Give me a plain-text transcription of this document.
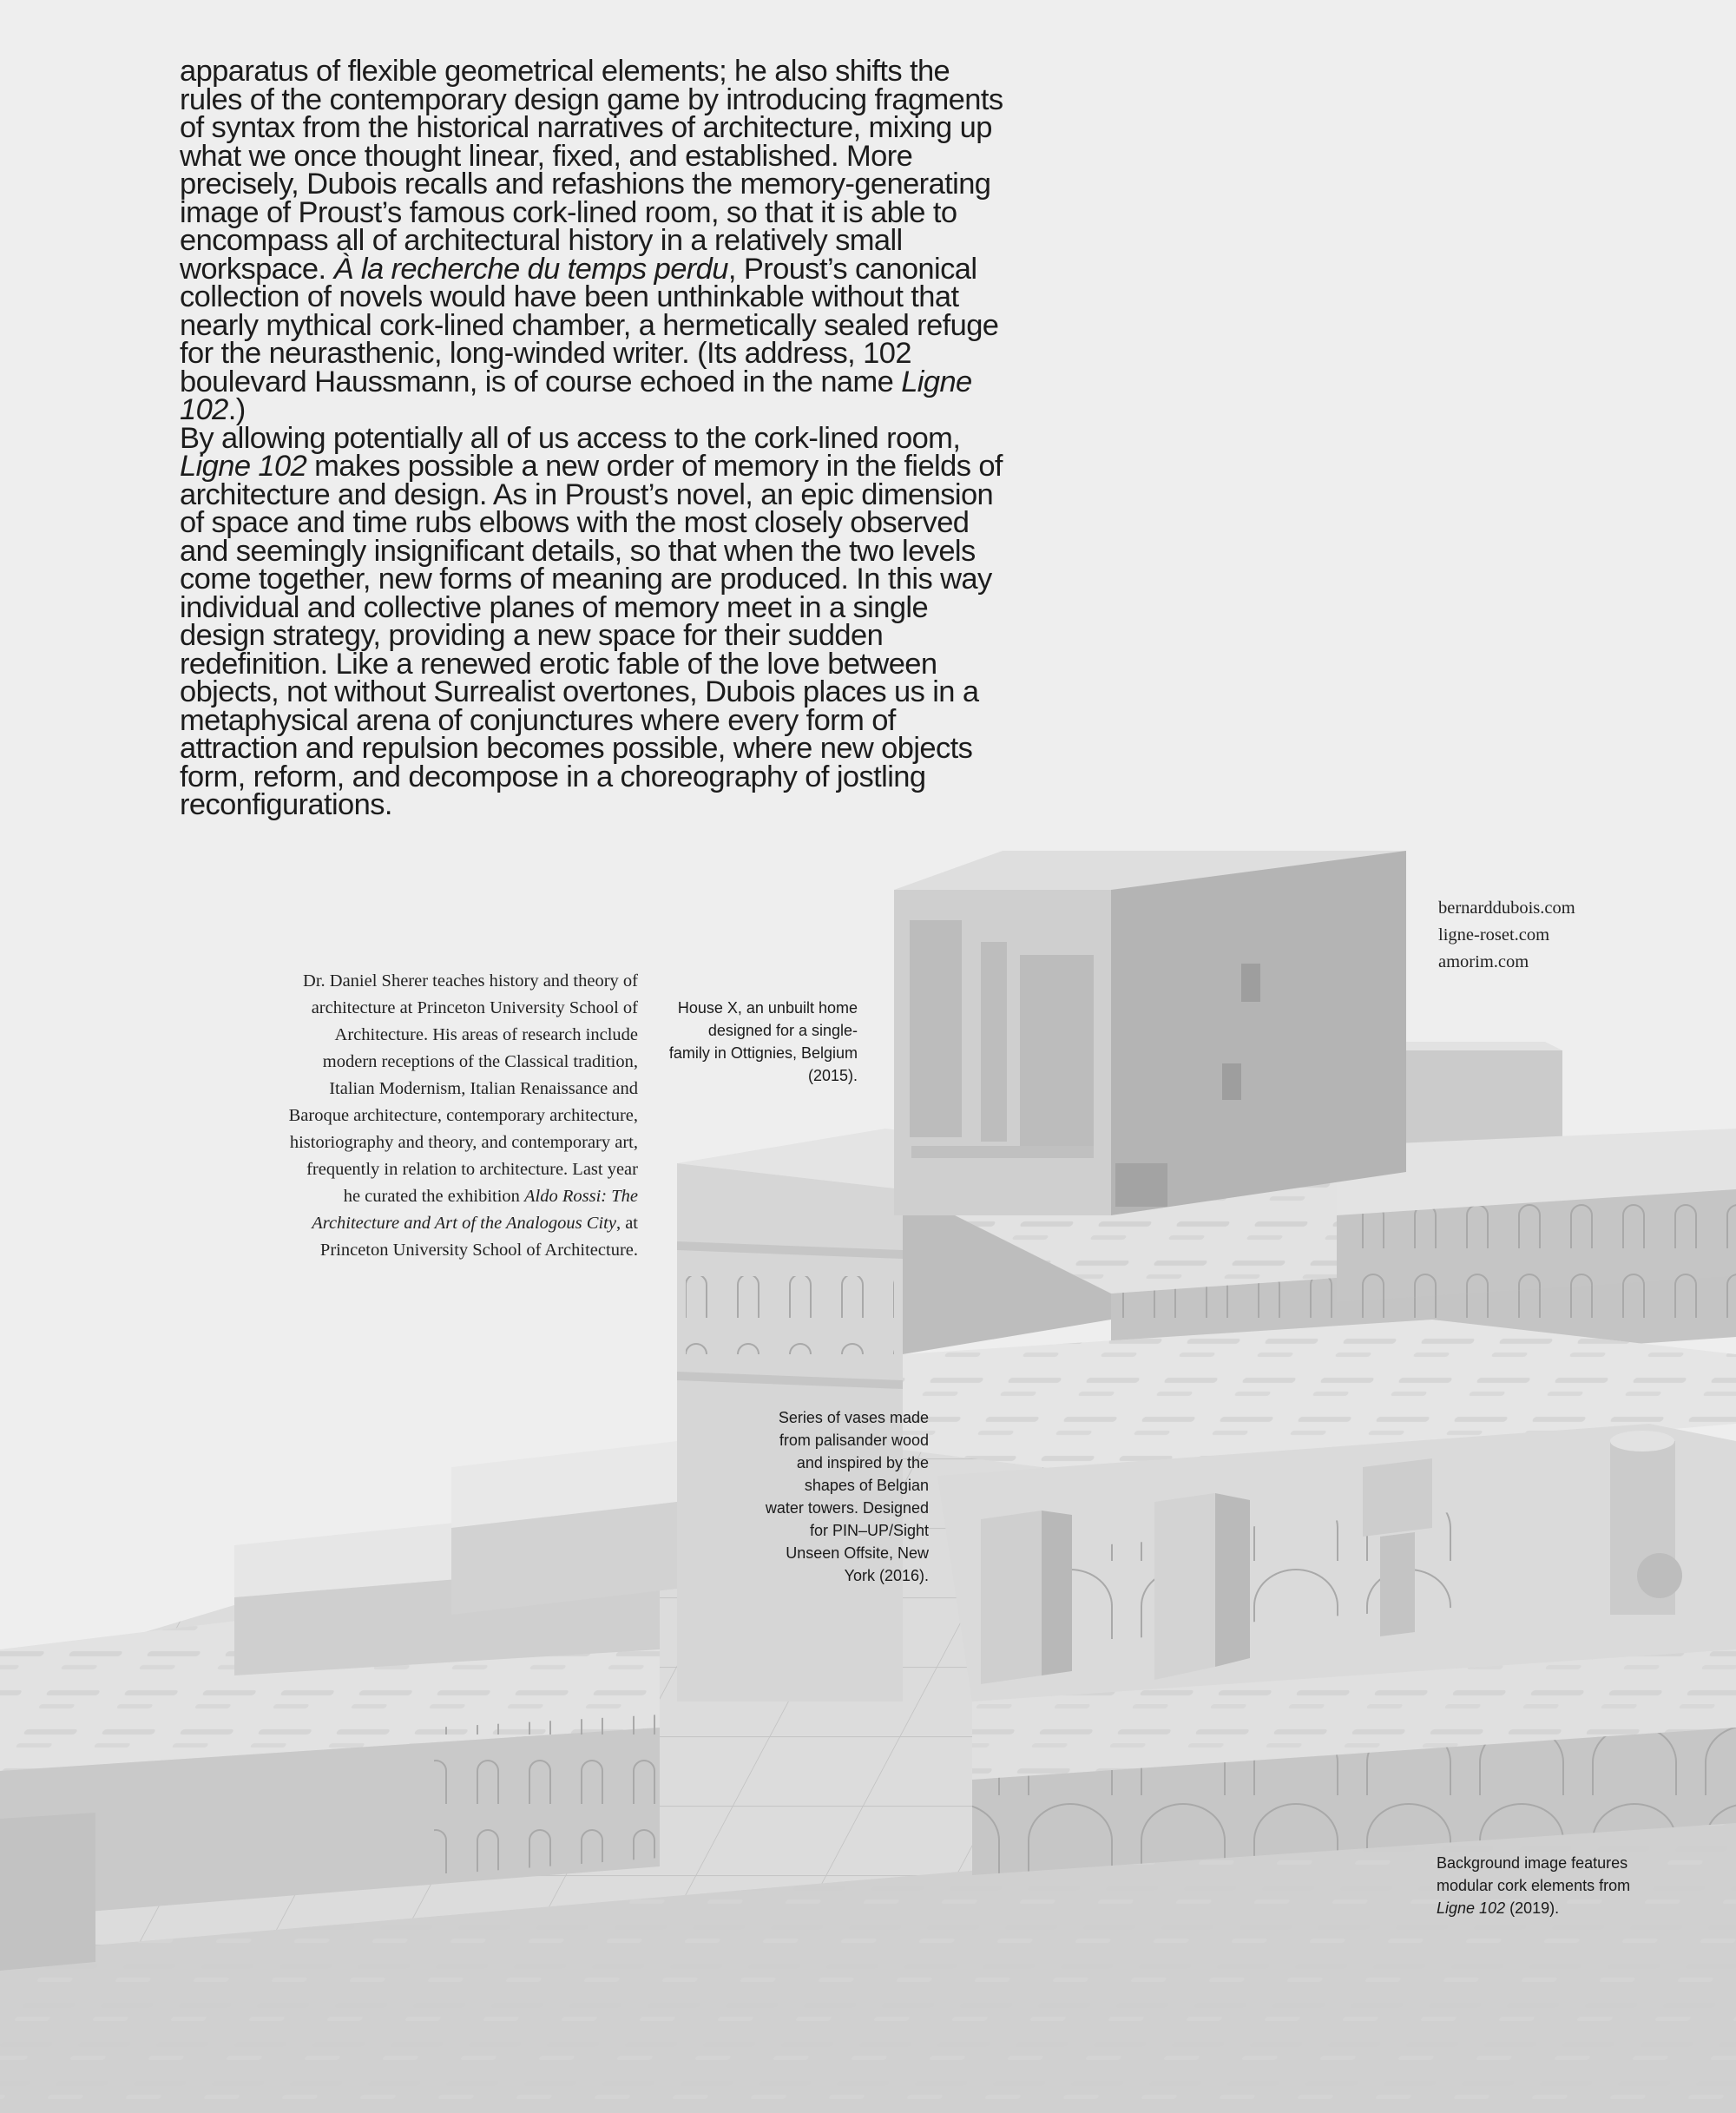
apparatus of flexible geometrical elements; he also shifts the rules of the contemporary design game by introducing fragments of syntax from the historical narratives of architecture, mixing up what we once thought linear, fixed, and established. More precisely, Dubois recalls and refashions the memory-generating image of Proust’s famous cork-lined room, so that it is able to encompass all of architectural history in a relatively small workspace. À la recherche du temps perdu, Proust’s canonical collection of novels would have been unthinkable without that nearly mythical cork-lined chamber, a hermetically sealed refuge for the neurasthenic, long-winded writer. (Its address, 102 boulevard Haussmann, is of course echoed in the name Ligne 102.)

By allowing potentially all of us access to the cork-lined room, Ligne 102 makes possible a new order of memory in the fields of architecture and design. As in Proust’s novel, an epic dimension of space and time rubs elbows with the most closely observed and seemingly insignificant details, so that when the two levels come together, new forms of meaning are produced. In this way individual and collective planes of memory meet in a single design strategy, providing a new space for their sudden redefinition. Like a renewed erotic fable of the love between objects, not without Surrealist overtones, Dubois places us in a metaphysical arena of conjunctures where every form of attraction and repulsion becomes possible, where new objects form, reform, and decompose in a choreography of jostling reconfigurations.

Dr. Daniel Sherer teaches history and theory of architecture at Princeton University School of Architecture. His areas of research include modern receptions of the Classical tradition, Italian Modernism, Italian Renaissance and Baroque architecture, contemporary architecture, historiography and theory, and contemporary art, frequently in relation to architecture. Last year he curated the exhibition Aldo Rossi: The Architecture and Art of the Analogous City, at Princeton University School of Architecture.
House X, an unbuilt home designed for a single-family in Ottignies, Belgium (2015).
Series of vases made from palisander wood and inspired by the shapes of Belgian water towers. Designed for PIN–UP/Sight Unseen Offsite, New York (2016).
Background image features modular cork elements from Ligne 102 (2019).
bernarddubois.com
ligne-roset.com
amorim.com
